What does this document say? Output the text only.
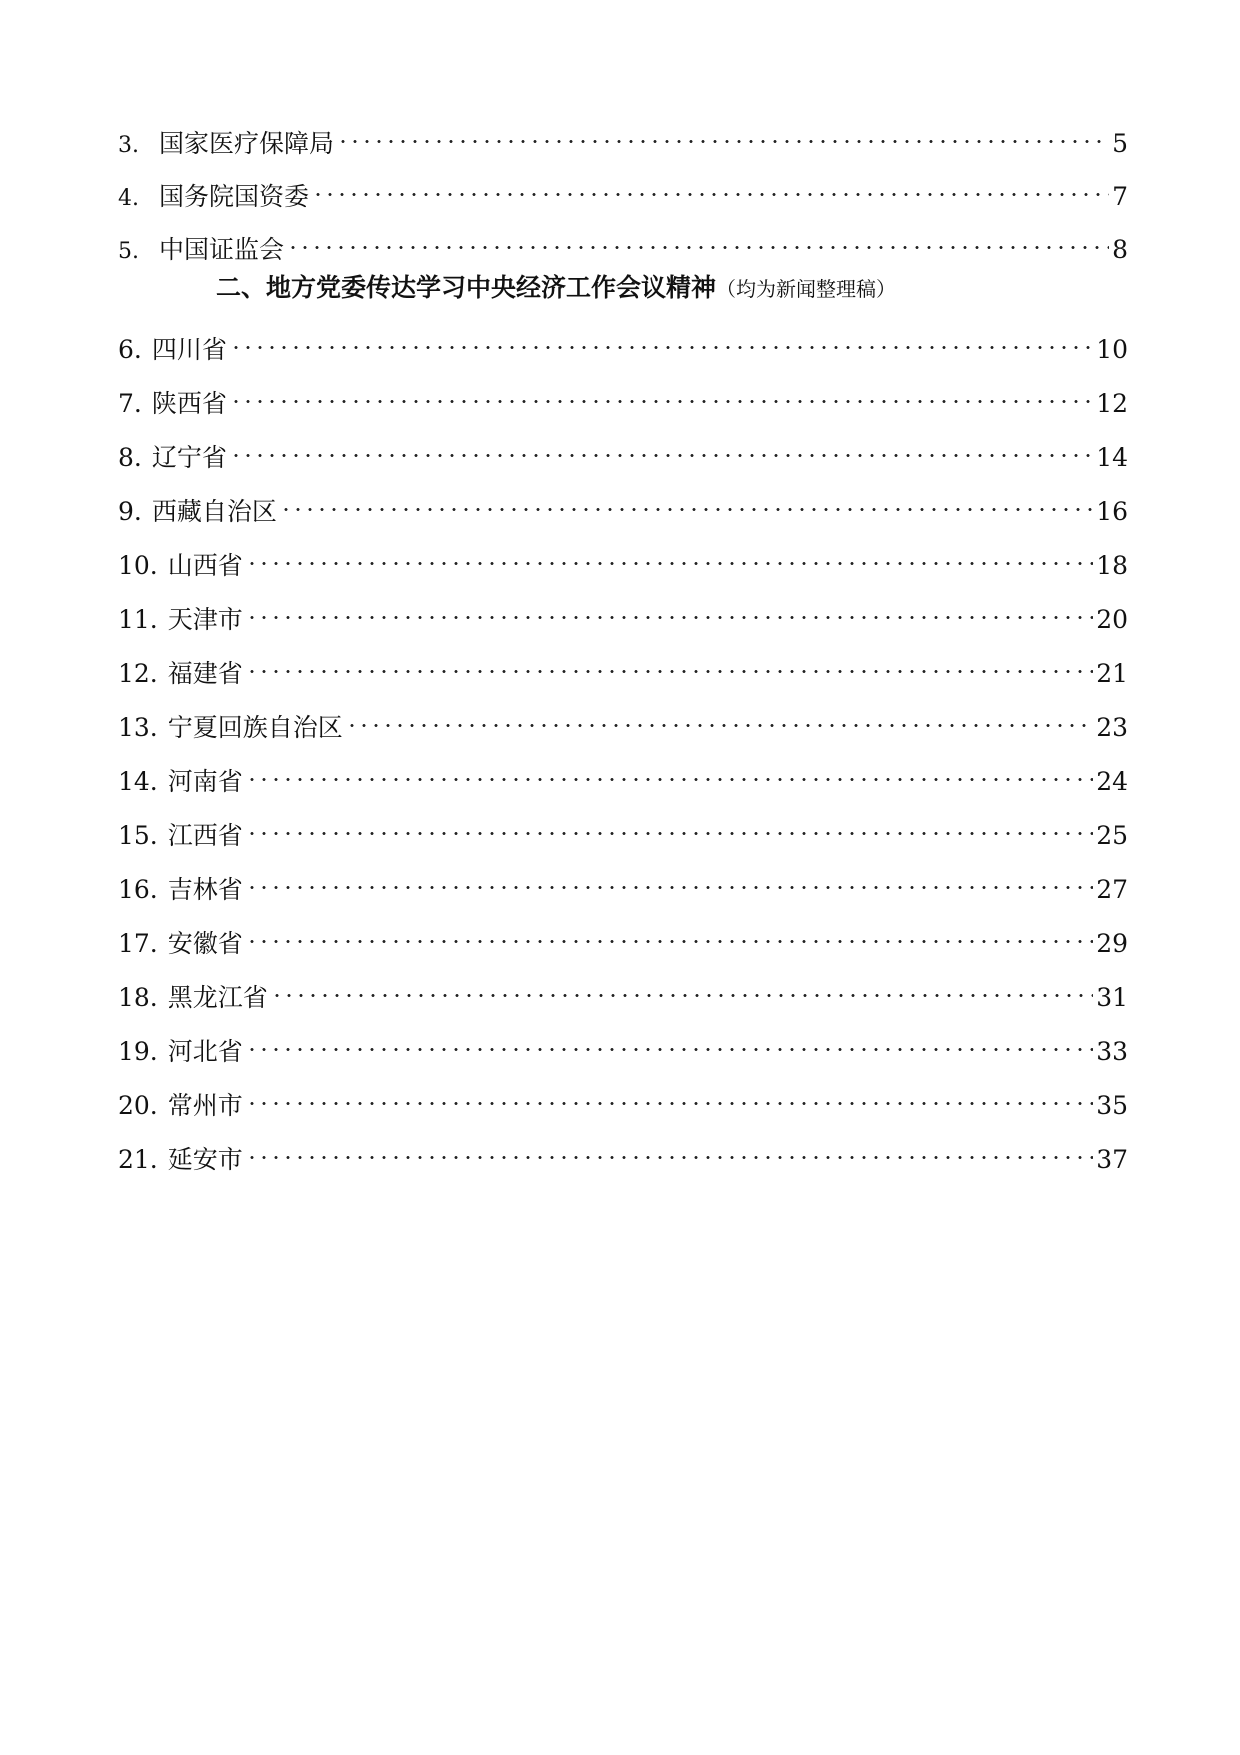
3. 国家医疗保障局	5
4. 国务院国资委	7
5. 中国证监会	8
二、地方党委传达学习中央经济工作会议精神（均为新闻整理稿）
6. 四川省	10
7. 陕西省	12
8. 辽宁省	14
9. 西藏自治区	16
10. 山西省	18
11. 天津市	20
12. 福建省	21
13. 宁夏回族自治区	23
14. 河南省	24
15. 江西省	25
16. 吉林省	27
17. 安徽省	29
18. 黑龙江省	31
19. 河北省	33
20. 常州市	35
21. 延安市	37
